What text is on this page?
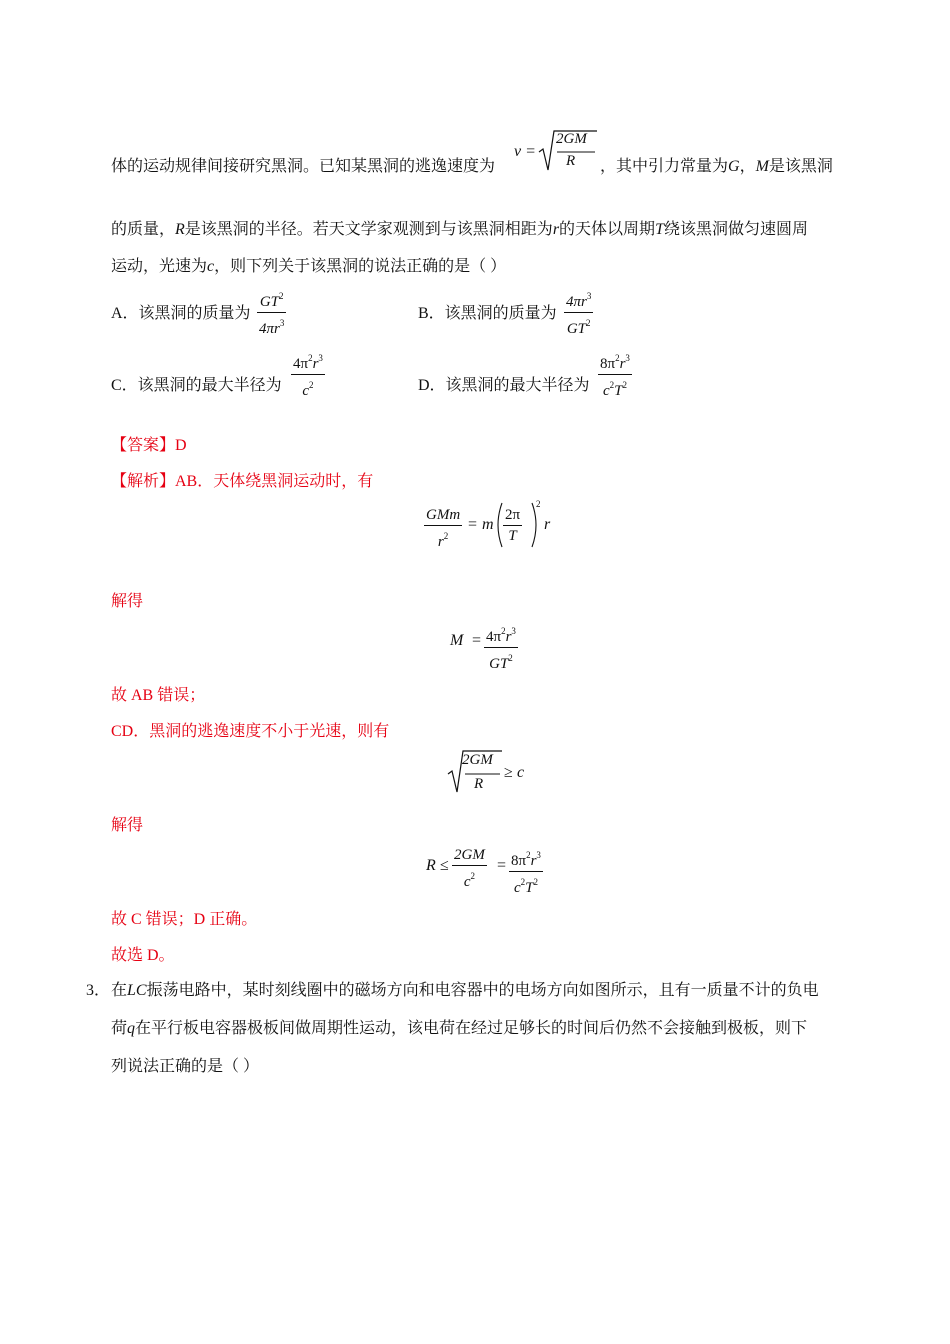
体的运动规律间接研究黑洞。已知某黑洞的逃逸速度为
v =
2GM
R ，其中引力常量为G，M是该黑洞
的质量，R是该黑洞的半径。若天文学家观测到与该黑洞相距为r的天体以周期T绕该黑洞做匀速圆周
运动，光速为c，则下列关于该黑洞的说法正确的是（ ）
A．该黑洞的质量为
$GT^2$
$4\pi r^3$
B．该黑洞的质量为
$4\pi r^3$
$GT^2$
C．该黑洞的最大半径为
$4\pi^2r^3$
$c^2$	D．该黑洞的最大半径为
$8\pi^2r^3$
$c^2T^2$
【答案】D
【解析】AB．天体绕黑洞运动时，有
GMm
$r^2$
= m
2π
T
2
r
解得
$M = 4\pi^2r^3$
$GT^2$
故 AB 错误；
CD．黑洞的逃逸速度不小于光速，则有
2GM
R
≥ c
解得
R ≤
2GM
$c^2$
= $8\pi^2r^3$
$c^2T^2$
故 C 错误；D 正确。
故选 D。
3． 在LC振荡电路中，某时刻线圈中的磁场方向和电容器中的电场方向如图所示，且有一质量不计的负电
荷q在平行板电容器极板间做周期性运动，该电荷在经过足够长的时间后仍然不会接触到极板，则下
列说法正确的是（ ）
